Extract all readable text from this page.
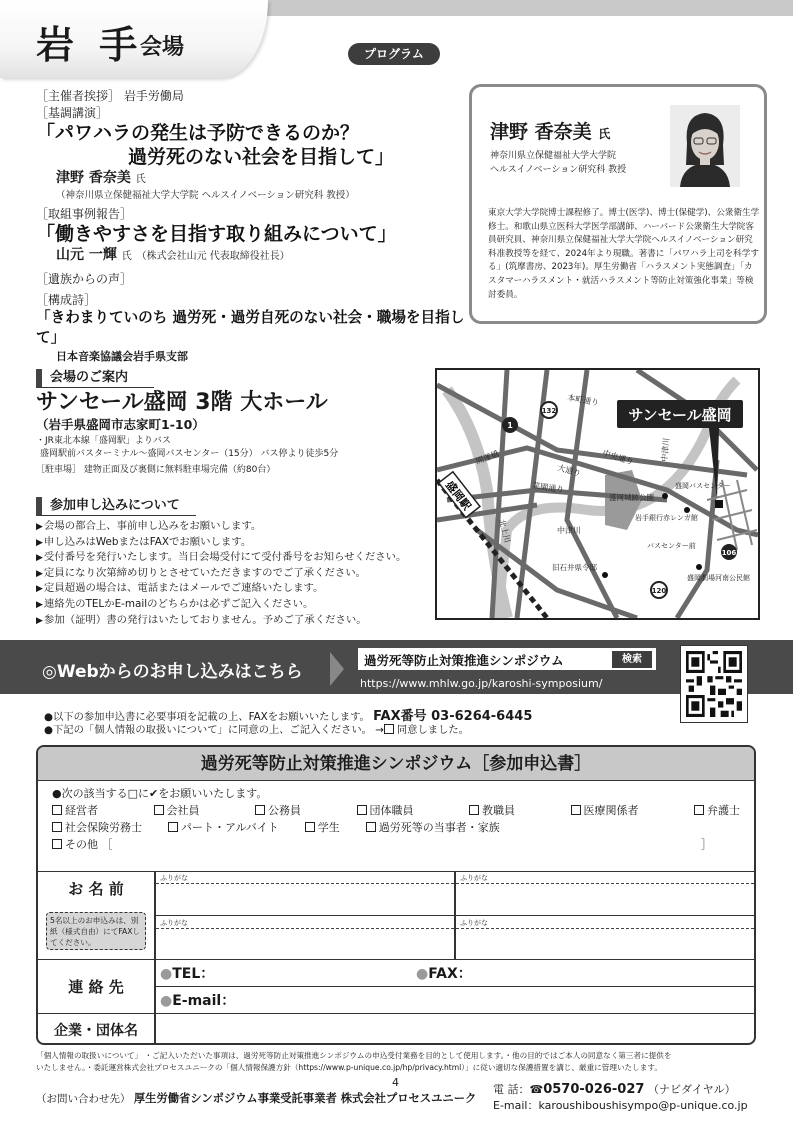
岩 手
会場	プログラム
［主催者挨拶］ 岩手労働局
［基調講演］
「パワハラの発生は予防できるのか？
過労死のない社会を目指して」
津野 香奈美 氏
（神奈川県立保健福祉大学大学院 ヘルスイノベーション研究科 教授）
［取組事例報告］
「働きやすさを目指す取り組みについて」
山元 一輝 氏 （株式会社山元 代表取締役社長）
［遺族からの声］
［構成詩］
「きわまりていのち 過労死・過労自死のない社会・職場を目指して」
日本音楽協議会岩手県支部
津野 香奈美 氏
神奈川県立保健福祉大学大学院
ヘルスイノベーション研究科 教授
東京大学大学院博士課程修了。博士(医学)、博士(保健学)、公衆衛生学修士。和歌山県立医科大学医学部講師、ハーバード公衆衛生大学院客員研究員、神奈川県立保健福祉大学大学院ヘルスイノベーション研究科准教授等を経て、2024年より現職。著書に「パワハラ上司を科学する」(筑摩書房、2023年)。厚生労働省「ハラスメント実態調査」「カスタマーハラスメント・就活ハラスメント等防止対策強化事業」等検討委員。
会場のご案内
サンセール盛岡 3階 大ホール
（岩手県盛岡市志家町1-10）
・JR東北本線「盛岡駅」よりバス
盛岡駅前バスターミナル～盛岡バスセンター（15分） バス停より徒歩5分
［駐車場］ 建物正面及び裏側に無料駐車場完備（約80台）
参加申し込みについて
▶ 会場の都合上、事前申し込みをお願いします。
▶ 申し込みはWebまたはFAXでお願いします。
▶ 受付番号を発行いたします。当日会場受付にて受付番号をお知らせください。
▶ 定員になり次第締め切りとさせていただきますのでご了承ください。
▶ 定員超過の場合は、電話またはメールでご連絡いたします。
▶ 連絡先のTELかE-mailのどちらかは必ずご記入ください。
▶ 参加（証明）書の発行はいたしておりません。予めご了承ください。
サンセール盛岡
盛岡駅
開運橋
本町通り
中央通り
大通り
菜園通り
北上川	中津川
中津川
盛岡城跡公園
岩手銀行赤レンガ館
盛岡バスセンター
バスセンター前
旧石井県令邸
盛岡劇場河南公民館
1
132
106
120
◎Webからのお申し込みはこちら
過労死等防止対策推進シンポジウム	検索
https://www.mhlw.go.jp/karoshi-symposium/
●以下の参加申込書に必要事項を記載の上、FAXをお願いいたします。 FAX番号 03-6264-6445
●下記の「個人情報の取扱いについて」に同意の上、ご記入ください。 → 同意しました。
過労死等防止対策推進シンポジウム［参加申込書］
●次の該当する□に✔をお願いいたします。
経営者	会社員	公務員	団体職員	教職員	医療関係者	弁護士
社会保険労務士	パート・アルバイト	学生	過労死等の当事者・家族
その他 ［	］
お 名 前
5名以上のお申込みは、別紙（様式自由）にてFAXしてください。
ふりがな	ふりがな
ふりがな	ふりがな
連 絡 先
●TEL：	●FAX：
●E-mail：
企業・団体名
「個人情報の取扱いについて」 ・ご記入いただいた事項は、過労死等防止対策推進シンポジウムの申込受付業務を目的として使用します。・他の目的ではご本人の同意なく第三者に提供を
いたしません。・委託運営株式会社プロセスユニークの「個人情報保護方針（https://www.p-unique.co.jp/hp/privacy.html）」に従い適切な保護措置を講じ、厳重に管理いたします。
4
（お問い合わせ先） 厚生労働省シンポジウム事業受託事業者 株式会社プロセスユニーク
電 話：☎0570-026-027 （ナビダイヤル）
E-mail：karoushiboushisympo@p-unique.co.jp
